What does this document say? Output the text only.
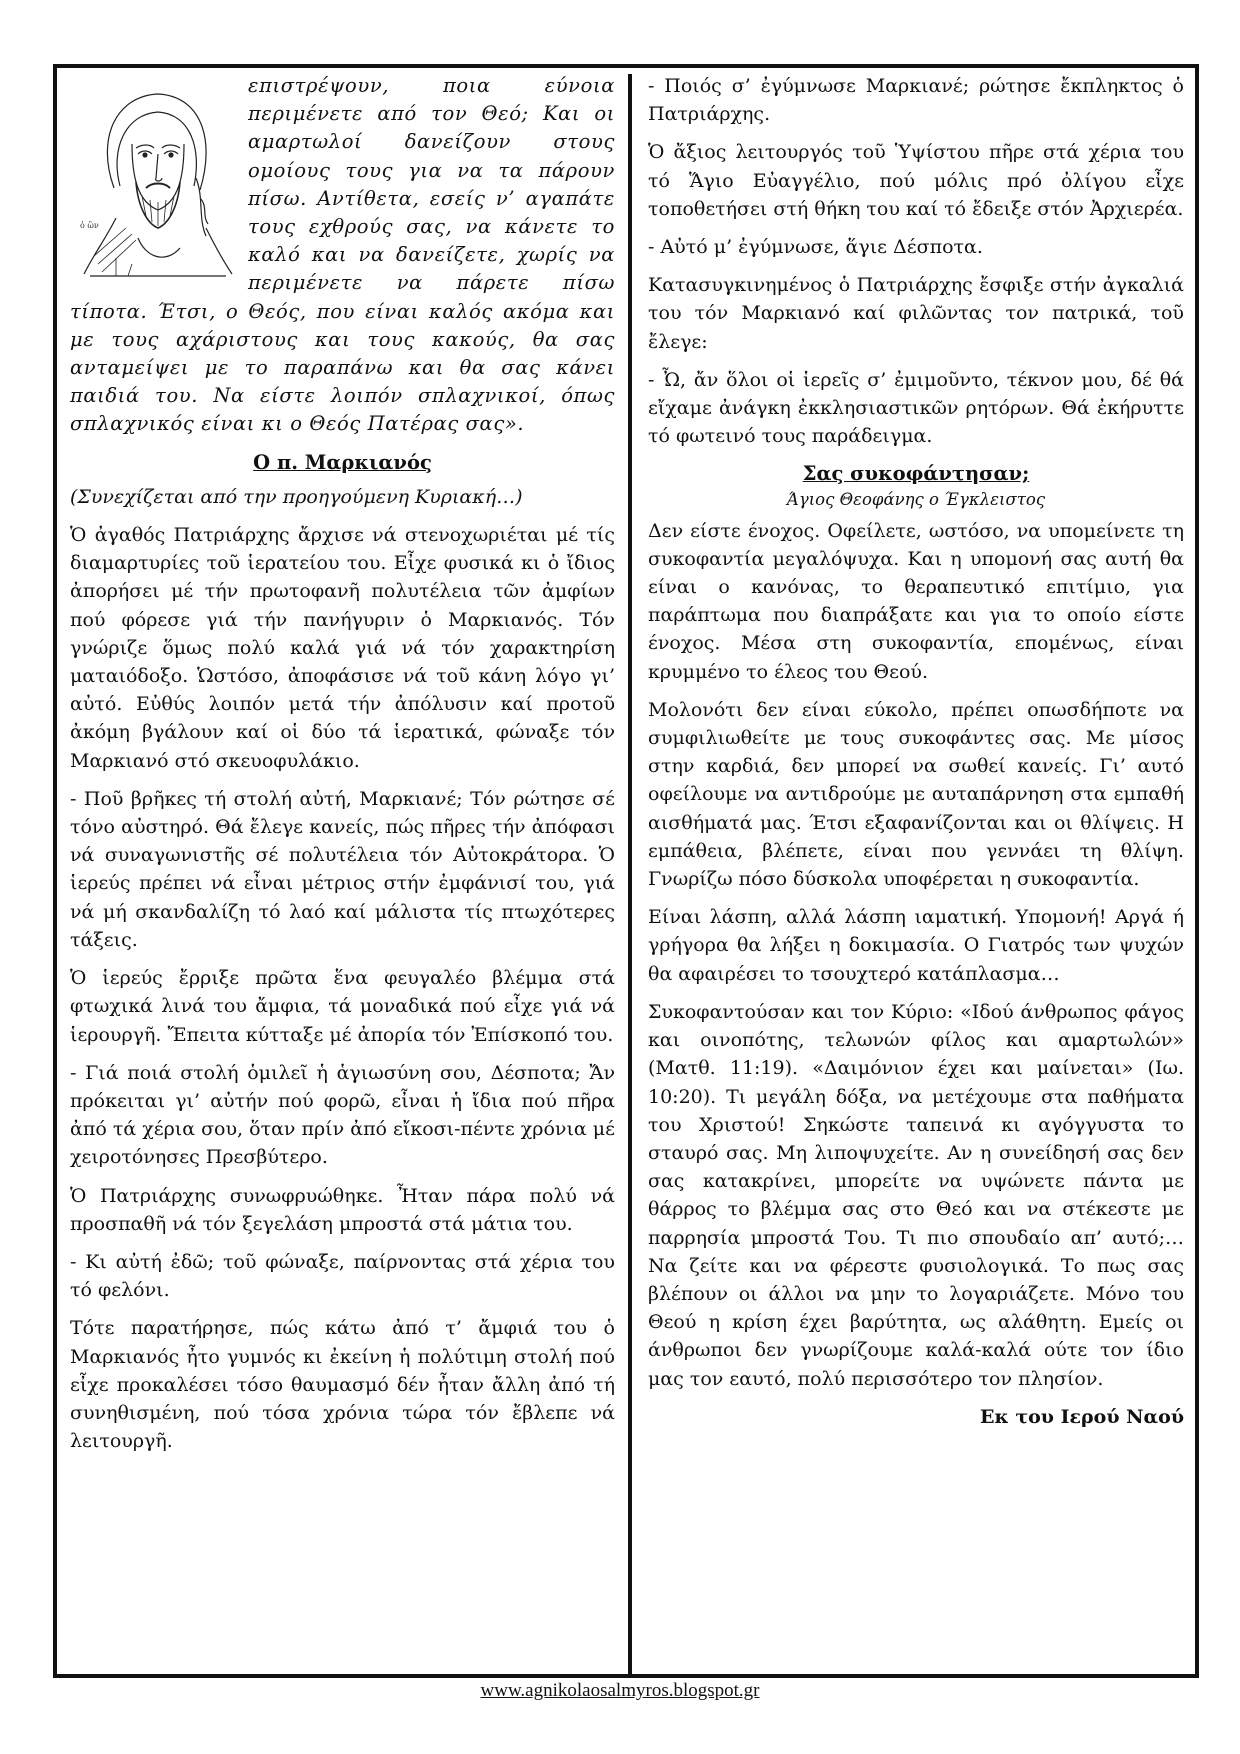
ὁ ὢν

επιστρέψουν, ποια εύνοια περιμένετε από τον Θεό; Και οι αμαρτωλοί δανείζουν στους ομοίους τους για να τα πάρουν πίσω. Αντίθετα, εσείς ν’ αγαπάτε τους εχθρούς σας, να κάνετε το καλό και να δανείζετε, χωρίς να περιμένετε να πάρετε πίσω τίποτα. Έτσι, ο Θεός, που είναι καλός ακόμα και με τους αχάριστους και τους κακούς, θα σας ανταμείψει με το παραπάνω και θα σας κάνει παιδιά του. Να είστε λοιπόν σπλαχνικοί, όπως σπλαχνικός είναι κι ο Θεός Πατέρας σας».

Ο π. Μαρκιανός

(Συνεχίζεται από την προηγούμενη Κυριακή…)

Ὁ ἀγαθός Πατριάρχης ἄρχισε νά στενοχωριέται μέ τίς διαμαρτυρίες τοῦ ἱερατείου του. Εἶχε φυσικά κι ὁ ἴδιος ἀπορήσει μέ τήν πρωτοφανῆ πολυτέλεια τῶν ἀμφίων πού φόρεσε γιά τήν πανήγυριν ὁ Μαρκιανός. Τόν γνώριζε ὅμως πολύ καλά γιά νά τόν χαρακτηρίση ματαιόδοξο. Ὡστόσο, ἀποφάσισε νά τοῦ κάνη λόγο γι’ αὐτό. Εὐθύς λοιπόν μετά τήν ἀπόλυσιν καί προτοῦ ἀκόμη βγάλουν καί οἱ δύο τά ἱερατικά, φώναξε τόν Μαρκιανό στό σκευοφυλάκιο.

- Ποῦ βρῆκες τή στολή αὐτή, Μαρκιανέ; Τόν ρώτησε σέ τόνο αὐστηρό. Θά ἔλεγε κανείς, πώς πῆρες τήν ἀπόφασι νά συναγωνιστῆς σέ πολυτέλεια τόν Αὐτοκράτορα. Ὁ ἱερεύς πρέπει νά εἶναι μέτριος στήν ἐμφάνισί του, γιά νά μή σκανδαλίζη τό λαό καί μάλιστα τίς πτωχότερες τάξεις.

Ὁ ἱερεύς ἔρριξε πρῶτα ἕνα φευγαλέο βλέμμα στά φτωχικά λινά του ἄμφια, τά μοναδικά πού εἶχε γιά νά ἱερουργῆ. Ἔπειτα κύτταξε μέ ἀπορία τόν Ἐπίσκοπό του.

- Γιά ποιά στολή ὁμιλεῖ ἡ ἁγιωσύνη σου, Δέσποτα; Ἄν πρόκειται γι’ αὐτήν πού φορῶ, εἶναι ἡ ἴδια πού πῆρα ἀπό τά χέρια σου, ὅταν πρίν ἀπό εἴκοσι-πέντε χρόνια μέ χειροτόνησες Πρεσβύτερο.

Ὁ Πατριάρχης συνωφρυώθηκε. Ἦταν πάρα πολύ νά προσπαθῆ νά τόν ξεγελάση μπροστά στά μάτια του.

- Κι αὐτή ἐδῶ; τοῦ φώναξε, παίρνοντας στά χέρια του τό φελόνι.

Τότε παρατήρησε, πώς κάτω ἀπό τ’ ἄμφιά του ὁ Μαρκιανός ἦτο γυμνός κι ἐκείνη ἡ πολύτιμη στολή πού εἶχε προκαλέσει τόσο θαυμασμό δέν ἦταν ἄλλη ἀπό τή συνηθισμένη, πού τόσα χρόνια τώρα τόν ἔβλεπε νά λειτουργῆ.

- Ποιός σ’ ἐγύμνωσε Μαρκιανέ; ρώτησε ἔκπληκτος ὁ Πατριάρχης.

Ὁ ἄξιος λειτουργός τοῦ Ὑψίστου πῆρε στά χέρια του τό Ἅγιο Εὐαγγέλιο, πού μόλις πρό ὀλίγου εἶχε τοποθετήσει στή θήκη του καί τό ἔδειξε στόν Ἀρχιερέα.

- Αὐτό μ’ ἐγύμνωσε, ἅγιε Δέσποτα.

Κατασυγκινημένος ὁ Πατριάρχης ἔσφιξε στήν ἀγκαλιά του τόν Μαρκιανό καί φιλῶντας τον πατρικά, τοῦ ἔλεγε:

- Ὦ, ἄν ὅλοι οἱ ἱερεῖς σ’ ἐμιμοῦντο, τέκνον μου, δέ θά εἴχαμε ἀνάγκη ἐκκλησιαστικῶν ρητόρων. Θά ἐκήρυττε τό φωτεινό τους παράδειγμα.

Σας συκοφάντησαν;

Άγιος Θεοφάνης ο Έγκλειστος

Δεν είστε ένοχος. Οφείλετε, ωστόσο, να υπομείνετε τη συκοφαντία μεγαλόψυχα. Και η υπομονή σας αυτή θα είναι ο κανόνας, το θεραπευτικό επιτίμιο, για παράπτωμα που διαπράξατε και για το οποίο είστε ένοχος. Μέσα στη συκοφαντία, επομένως, είναι κρυμμένο το έλεος του Θεού.

Μολονότι δεν είναι εύκολο, πρέπει οπωσδήποτε να συμφιλιωθείτε με τους συκοφάντες σας. Με μίσος στην καρδιά, δεν μπορεί να σωθεί κανείς. Γι’ αυτό οφείλουμε να αντιδρούμε με αυταπάρνηση στα εμπαθή αισθήματά μας. Έτσι εξαφανίζονται και οι θλίψεις. Η εμπάθεια, βλέπετε, είναι που γεννάει τη θλίψη. Γνωρίζω πόσο δύσκολα υποφέρεται η συκοφαντία.

Είναι λάσπη, αλλά λάσπη ιαματική. Υπομονή! Αργά ή γρήγορα θα λήξει η δοκιμασία. Ο Γιατρός των ψυχών θα αφαιρέσει το τσουχτερό κατάπλασμα…

Συκοφαντούσαν και τον Κύριο: «Ιδού άνθρωπος φάγος και οινοπότης, τελωνών φίλος και αμαρτωλών» (Ματθ. 11:19). «Δαιμόνιον έχει και μαίνεται» (Ιω. 10:20). Τι μεγάλη δόξα, να μετέχουμε στα παθήματα του Χριστού! Σηκώστε ταπεινά κι αγόγγυστα το σταυρό σας. Μη λιποψυχείτε. Αν η συνείδησή σας δεν σας κατακρίνει, μπορείτε να υψώνετε πάντα με θάρρος το βλέμμα σας στο Θεό και να στέκεστε με παρρησία μπροστά Του. Τι πιο σπουδαίο απ’ αυτό;… Να ζείτε και να φέρεστε φυσιολογικά. Το πως σας βλέπουν οι άλλοι να μην το λογαριάζετε. Μόνο του Θεού η κρίση έχει βαρύτητα, ως αλάθητη. Εμείς οι άνθρωποι δεν γνωρίζουμε καλά-καλά ούτε τον ίδιο μας τον εαυτό, πολύ περισσότερο τον πλησίον.

Εκ του Ιερού Ναού

www.agnikolaosalmyros.blogspot.gr
